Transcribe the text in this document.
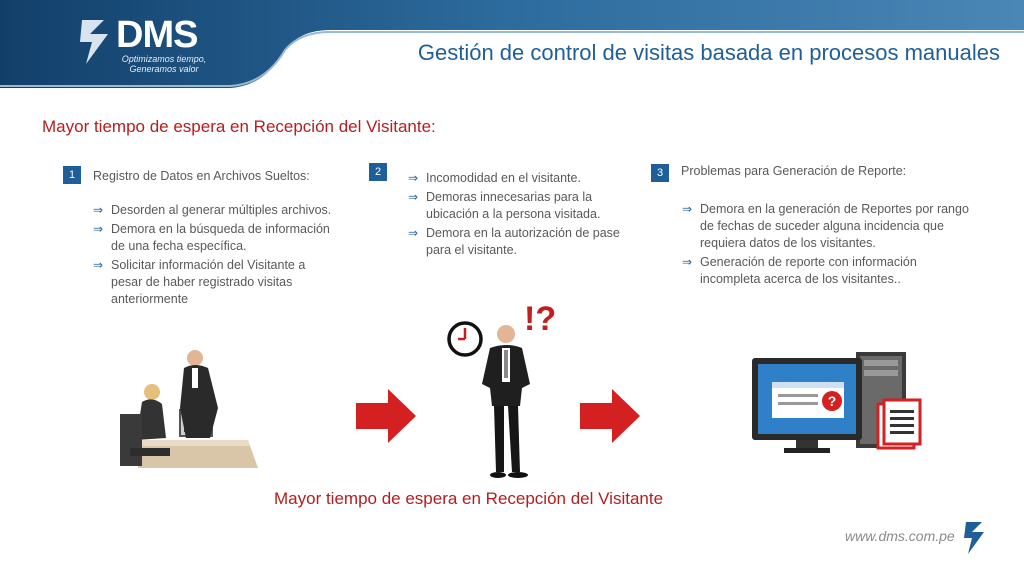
DMS
Optimizamos tiempo,
Generamos valor
Gestión de control de visitas basada en procesos manuales
Mayor tiempo de espera en Recepción del Visitante:
1	Registro de Datos en Archivos Sueltos:
⇒ Desorden al generar múltiples archivos.
⇒ Demora en la búsqueda de información de una fecha específica.
⇒ Solicitar información del Visitante a pesar de haber registrado visitas anteriormente
2	⇒ Incomodidad en el visitante.
⇒ Demoras innecesarias para la ubicación a la persona visitada.
⇒ Demora en la autorización de pase para el visitante.
3	Problemas para Generación de Reporte:
⇒ Demora en la generación de Reportes por rango de fechas de suceder alguna incidencia que requiera datos de los visitantes.
⇒ Generación de reporte con información incompleta acerca de los visitantes..
!?
?
Mayor tiempo de espera en Recepción del Visitante
www.dms.com.pe
